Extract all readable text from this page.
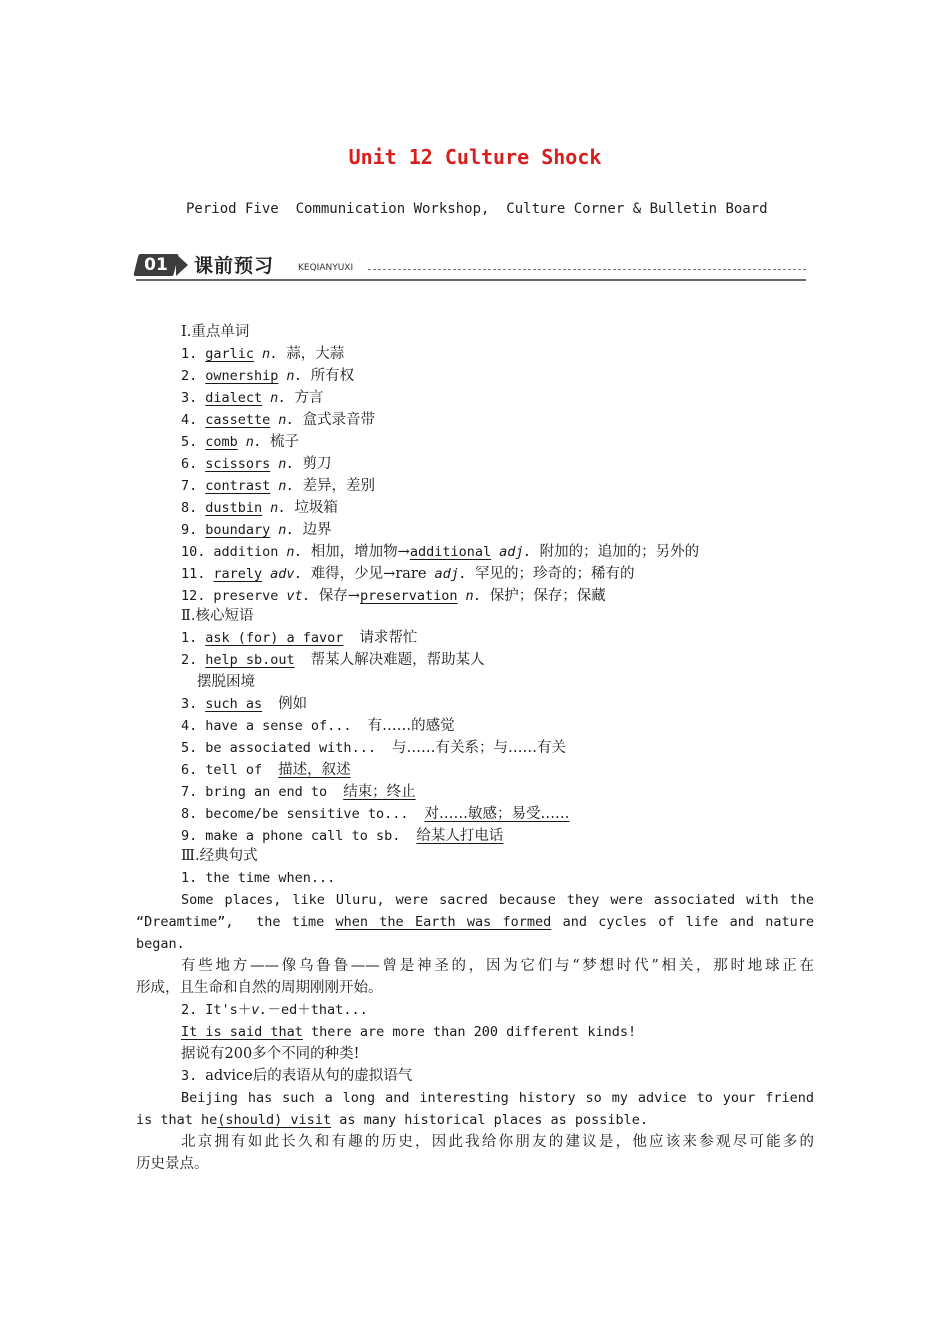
Unit 12 Culture Shock
Period Five  Communication Workshop,  Culture Corner & Bulletin Board
01	课前预习	KEQIANYUXI
Ⅰ.重点单词
1. garlic n. 蒜，大蒜
2. ownership n. 所有权
3. dialect n. 方言
4. cassette n. 盒式录音带
5. comb n. 梳子
6. scissors n. 剪刀
7. contrast n. 差异，差别
8. dustbin n. 垃圾箱
9. boundary n. 边界
10. addition n. 相加，增加物→additional adj. 附加的；追加的；另外的
11. rarely adv. 难得，少见→rare adj. 罕见的；珍奇的；稀有的
12. preserve vt. 保存→preservation n. 保护；保存；保藏
Ⅱ.核心短语
1. ask (for) a favor 请求帮忙
2. help sb.out 帮某人解决难题，帮助某人
摆脱困境
3. such as 例如
4. have a sense of... 有……的感觉
5. be associated with... 与……有关系；与……有关
6. tell of 描述，叙述
7. bring an end to 结束；终止
8. become/be sensitive to... 对……敏感；易受……
9. make a phone call to sb. 给某人打电话
Ⅲ.经典句式
1. the time when...
Some places, like Uluru, were sacred because they were associated with the
“Dreamtime”,  the time when the Earth was formed and cycles of life and nature
began.
有些地方——像乌鲁鲁——曾是神圣的，因为它们与“梦想时代”相关，那时地球正在
形成，且生命和自然的周期刚刚开始。
2. It's＋v.－ed＋that...
It is said that there are more than 200 different kinds!
据说有200多个不同的种类!
3. advice后的表语从句的虚拟语气
Beijing has such a long and interesting history so my advice to your friend
is that he(should) visit as many historical places as possible.
北京拥有如此长久和有趣的历史，因此我给你朋友的建议是，他应该来参观尽可能多的
历史景点。
